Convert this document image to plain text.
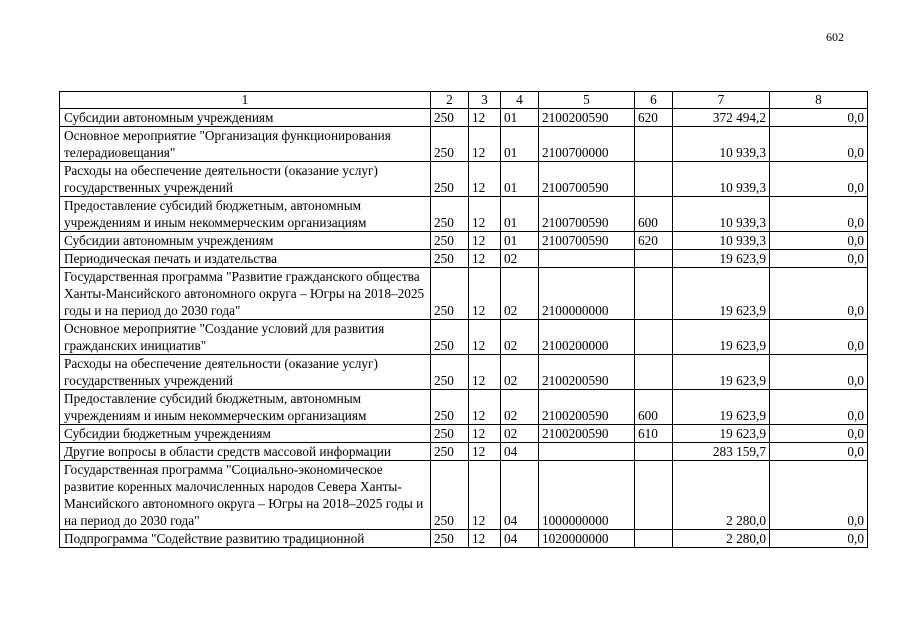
602
1	2	3	4	5	6	7	8
Субсидии автономным учреждениям	250	12	01	2100200590	620	372 494,2	0,0
Основное мероприятие "Организация функционирования телерадиовещания"	250	12	01	2100700000		10 939,3	0,0
Расходы на обеспечение деятельности (оказание услуг) государственных учреждений	250	12	01	2100700590		10 939,3	0,0
Предоставление субсидий бюджетным, автономным учреждениям и иным некоммерческим организациям	250	12	01	2100700590	600	10 939,3	0,0
Субсидии автономным учреждениям	250	12	01	2100700590	620	10 939,3	0,0
Периодическая печать и издательства	250	12	02			19 623,9	0,0
Государственная программа "Развитие гражданского общества Ханты-Мансийского автономного округа – Югры на 2018–2025 годы и на период до 2030 года"	250	12	02	2100000000		19 623,9	0,0
Основное мероприятие "Создание условий для развития гражданских инициатив"	250	12	02	2100200000		19 623,9	0,0
Расходы на обеспечение деятельности (оказание услуг) государственных учреждений	250	12	02	2100200590		19 623,9	0,0
Предоставление субсидий бюджетным, автономным учреждениям и иным некоммерческим организациям	250	12	02	2100200590	600	19 623,9	0,0
Субсидии бюджетным учреждениям	250	12	02	2100200590	610	19 623,9	0,0
Другие вопросы в области средств массовой информации	250	12	04			283 159,7	0,0
Государственная программа "Социально-экономическое развитие коренных малочисленных народов Севера Ханты-Мансийского автономного округа – Югры на 2018–2025 годы и на период до 2030 года"	250	12	04	1000000000		2 280,0	0,0
Подпрограмма "Содействие развитию традиционной	250	12	04	1020000000		2 280,0	0,0
